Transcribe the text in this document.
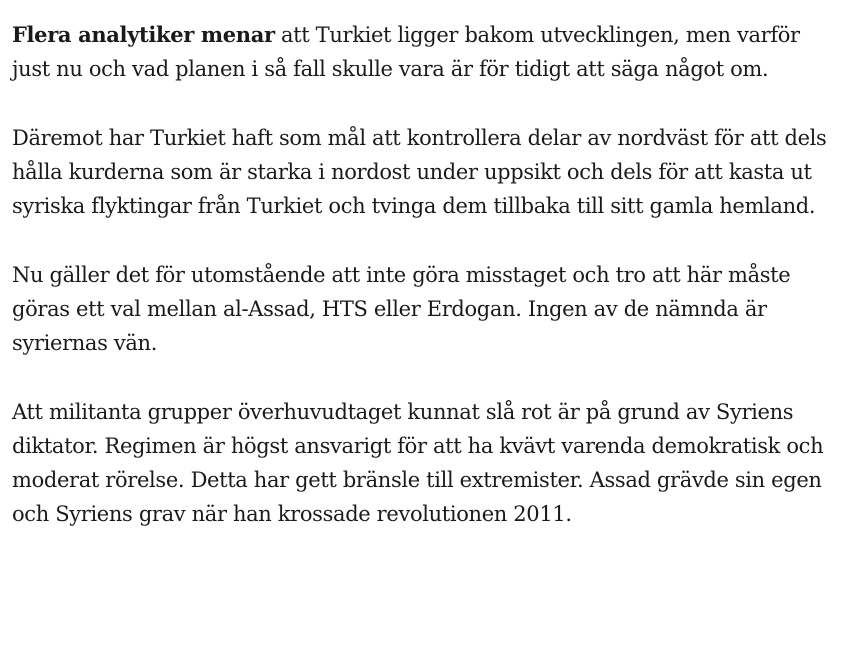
Flera analytiker menar att Turkiet ligger bakom utvecklingen, men varför just nu och vad planen i så fall skulle vara är för tidigt att säga något om.

Däremot har Turkiet haft som mål att kontrollera delar av nordväst för att dels hålla kurderna som är starka i nordost under uppsikt och dels för att kasta ut syriska flyktingar från Turkiet och tvinga dem tillbaka till sitt gamla hemland.

Nu gäller det för utomstående att inte göra misstaget och tro att här måste göras ett val mellan al-Assad, HTS eller Erdogan. Ingen av de nämnda är syriernas vän.

Att militanta grupper överhuvudtaget kunnat slå rot är på grund av Syriens diktator. Regimen är högst ansvarigt för att ha kvävt varenda demokratisk och moderat rörelse. Detta har gett bränsle till extremister. Assad grävde sin egen och Syriens grav när han krossade revolutionen 2011.
